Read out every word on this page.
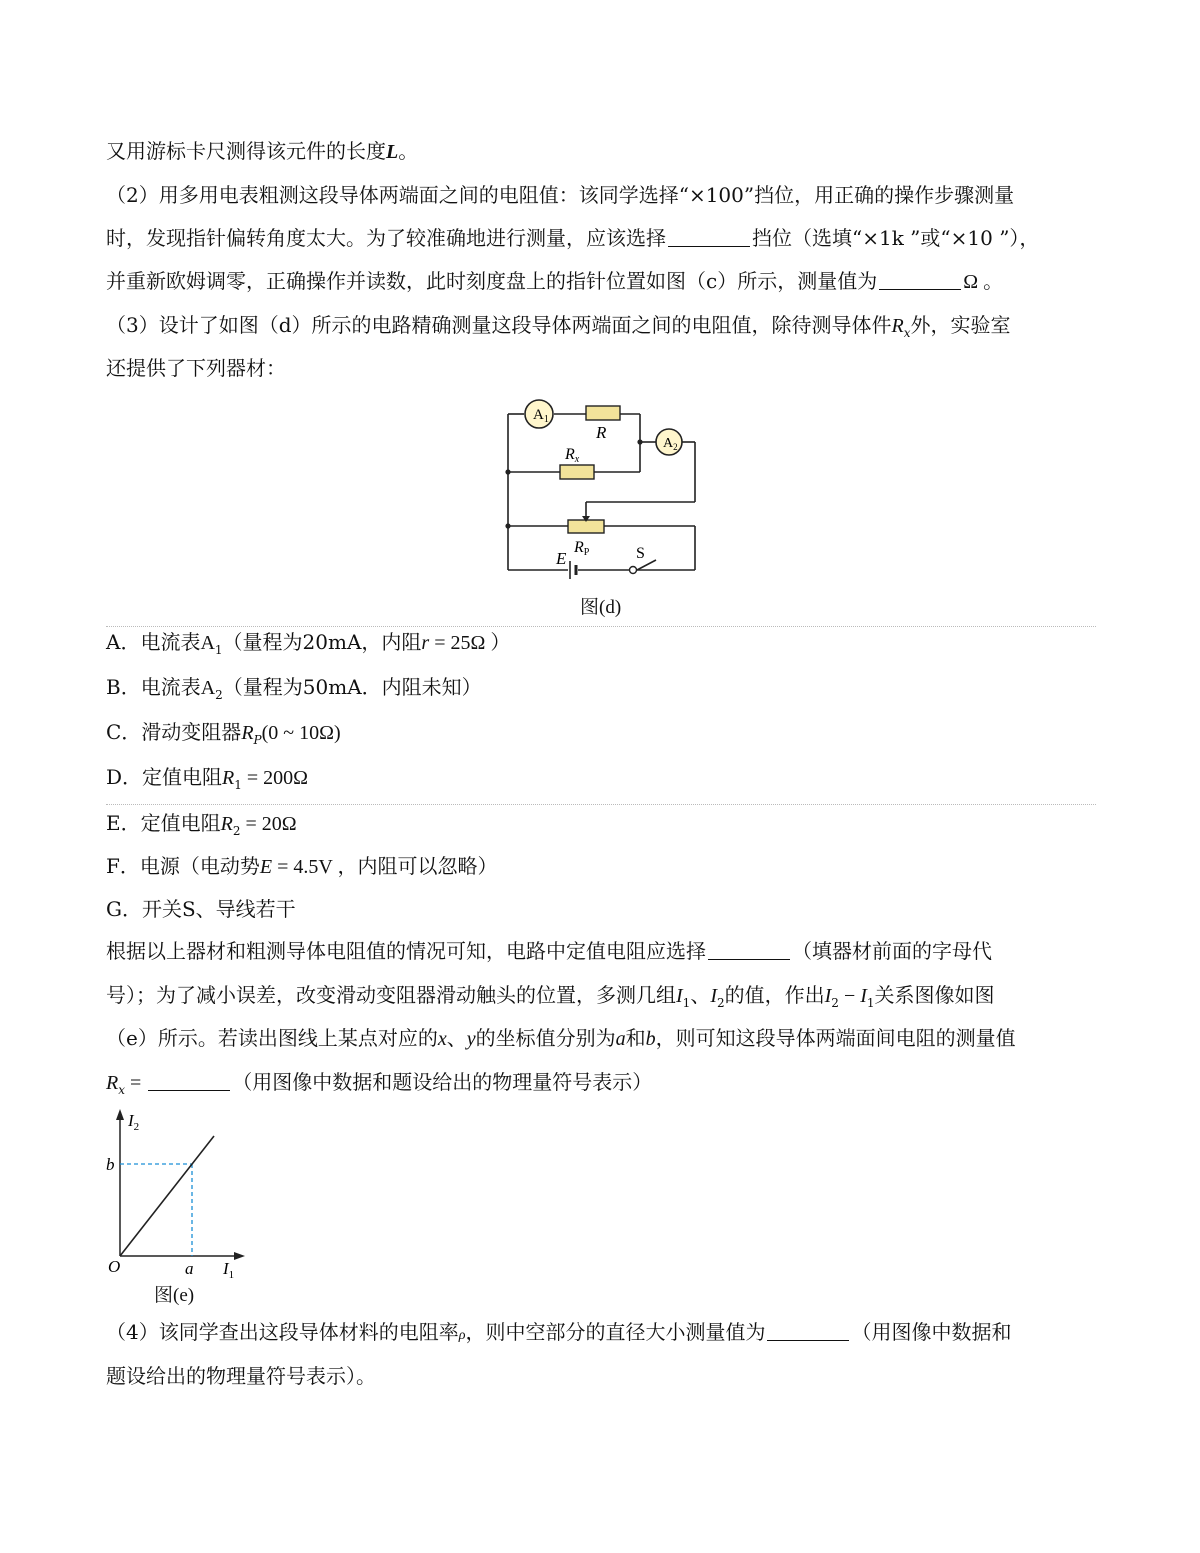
又用游标卡尺测得该元件的长度L。
（2）用多用电表粗测这段导体两端面之间的电阻值：该同学选择“×100”挡位，用正确的操作步骤测量
时，发现指针偏转角度太大。为了较准确地进行测量，应该选择	挡位（选填“×1k ”或“×10 ”），
并重新欧姆调零，正确操作并读数，此时刻度盘上的指针位置如图（c）所示，测量值为	Ω 。
（3）设计了如图（d）所示的电路精确测量这段导体两端面之间的电阻值，除待测导体件$R_x$外，实验室
还提供了下列器材：
$A_1$
$A_2$
R
Rx
RP
E	S
图(d)
A．电流表$A_1$（量程为20mA，内阻r = 25Ω ）
B．电流表$A_2$（量程为50mA．内阻未知）
C．滑动变阻器$R_P(0$ ~ 10Ω)
D．定值电阻$R_1 = 200\Omega$
E．定值电阻$R_2 = 20\Omega$
F．电源（电动势E = 4.5V ，内阻可以忽略）
G．开关S、导线若干
根据以上器材和粗测导体电阻值的情况可知，电路中定值电阻应选择	（填器材前面的字母代
号）；为了减小误差，改变滑动变阻器滑动触头的位置，多测几组$I_1$、$I_2$的值，作出$I_2 - I_1$关系图像如图
（e）所示。若读出图线上某点对应的x、y的坐标值分别为a和b，则可知这段导体两端面间电阻的测量值
$R_x$ =	（用图像中数据和题设给出的物理量符号表示）
$I_2$
b
O	a $I_1$
图(e)
（4）该同学查出这段导体材料的电阻率ρ，则中空部分的直径大小测量值为	（用图像中数据和
题设给出的物理量符号表示）。
